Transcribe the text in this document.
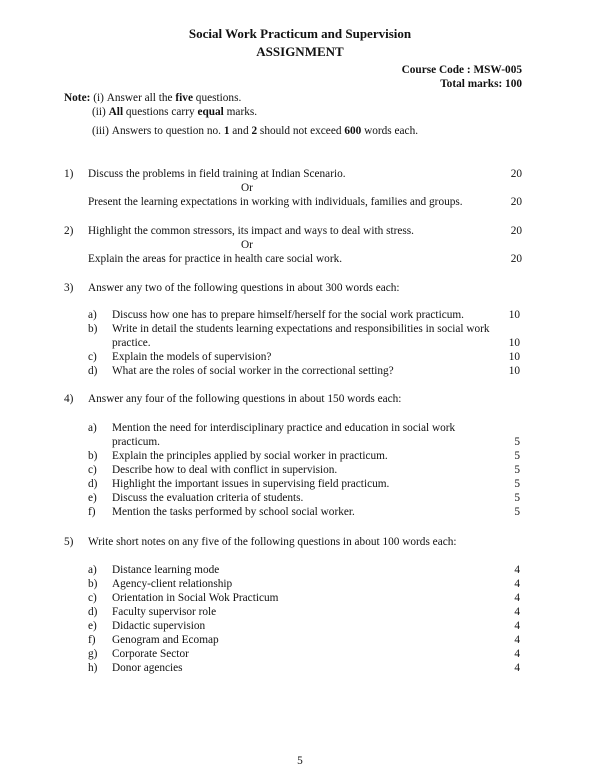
Social Work Practicum and Supervision
ASSIGNMENT
Course Code : MSW-005
Total marks: 100
Note: (i) Answer all the five questions.
(ii) All questions carry equal marks.
(iii) Answers to question no. 1 and 2 should not exceed 600 words each.
1) Discuss the problems in field training at Indian Scenario.	20
Or
Present the learning expectations in working with individuals, families and groups.	20
2) Highlight the common stressors, its impact and ways to deal with stress.	20
Or
Explain the areas for practice in health care social work.	20
3) Answer any two of the following questions in about 300 words each:
a) Discuss how one has to prepare himself/herself for the social work practicum.	10
b) Write in detail the students learning expectations and responsibilities in social work
practice.	10
c) Explain the models of supervision?	10
d) What are the roles of social worker in the correctional setting?	10
4) Answer any four of the following questions in about 150 words each:
a) Mention the need for interdisciplinary practice and education in social work
practicum.	5
b) Explain the principles applied by social worker in practicum.	5
c) Describe how to deal with conflict in supervision.	5
d) Highlight the important issues in supervising field practicum.	5
e) Discuss the evaluation criteria of students.	5
f) Mention the tasks performed by school social worker.	5
5) Write short notes on any five of the following questions in about 100 words each:
a) Distance learning mode	4
b) Agency-client relationship	4
c) Orientation in Social Wok Practicum	4
d) Faculty supervisor role	4
e) Didactic supervision	4
f) Genogram and Ecomap	4
g) Corporate Sector	4
h) Donor agencies	4
5
